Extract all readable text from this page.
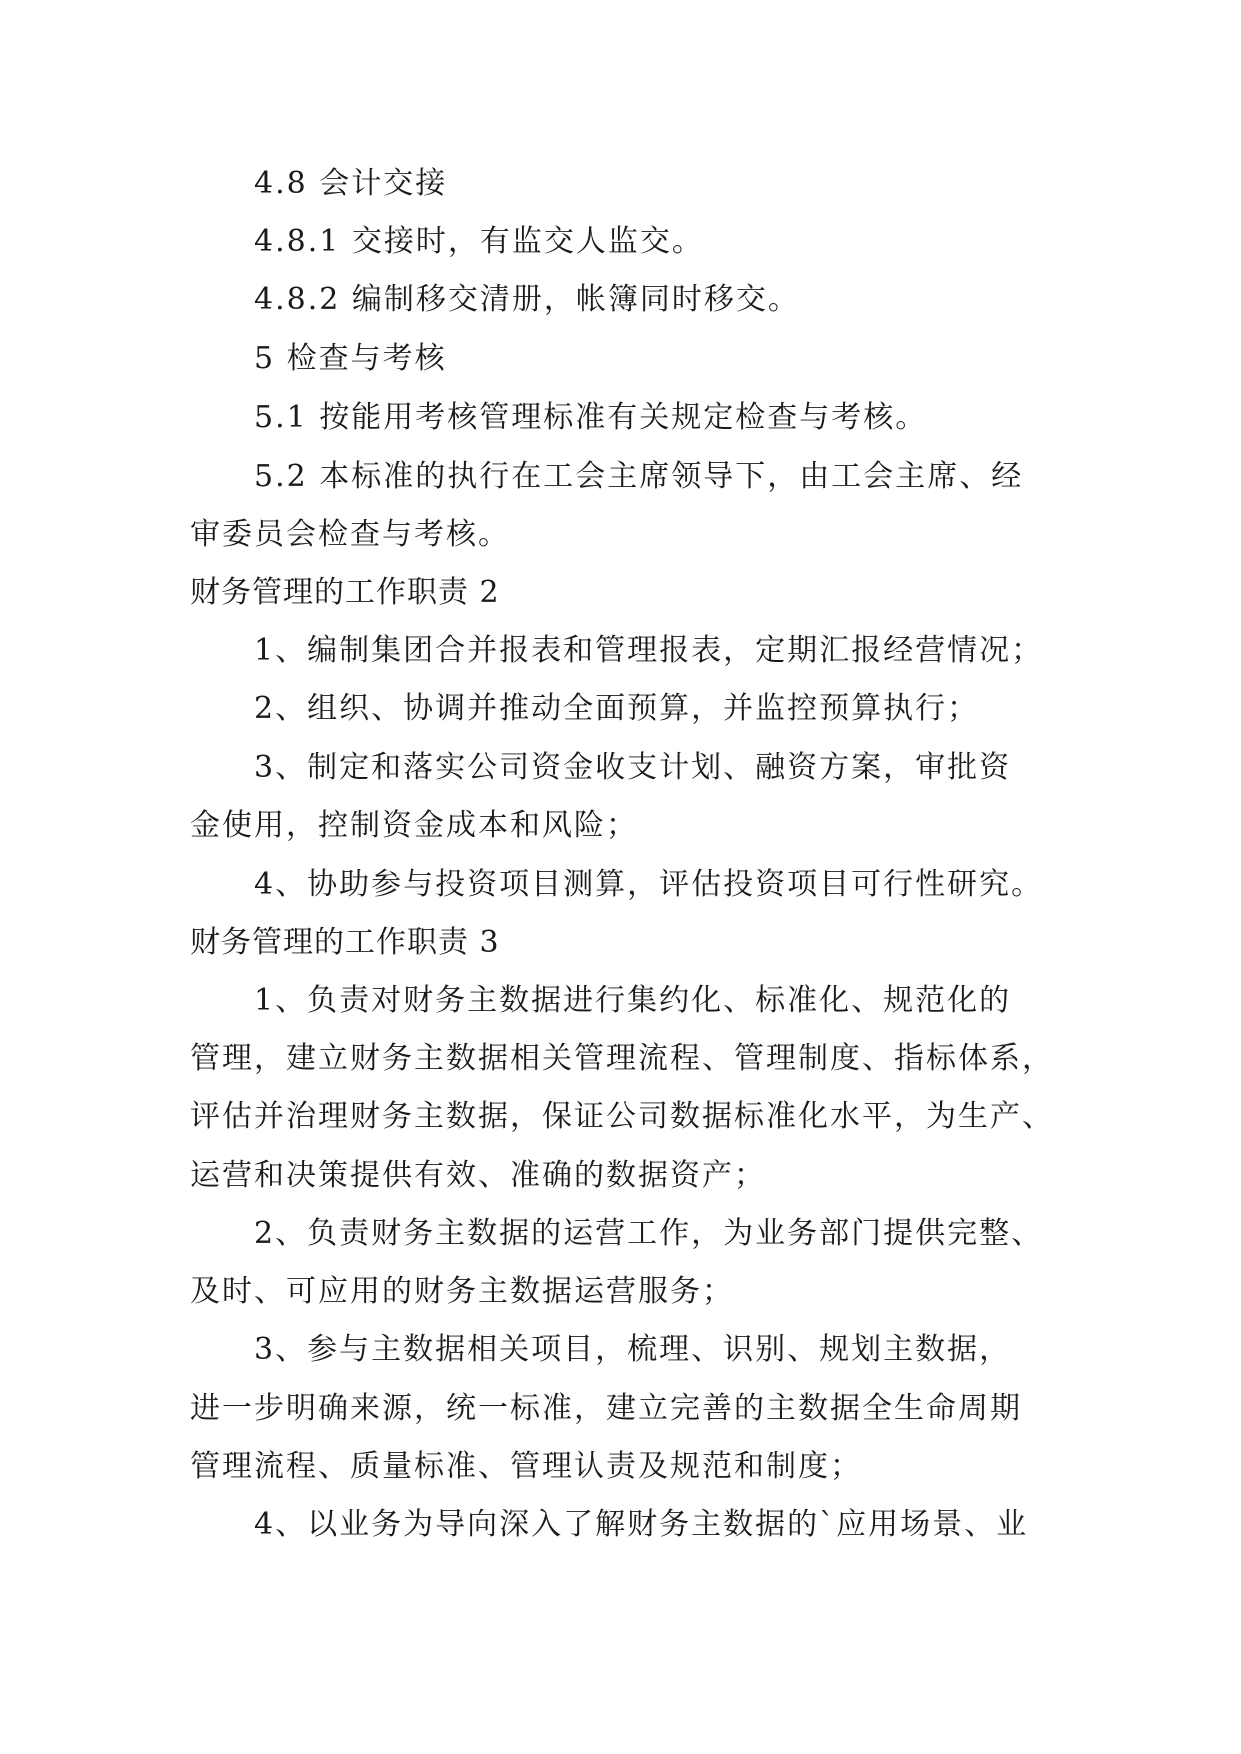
4.8 会计交接

4.8.1 交接时，有监交人监交。

4.8.2 编制移交清册，帐簿同时移交。

5 检查与考核

5.1 按能用考核管理标准有关规定检查与考核。

5.2 本标准的执行在工会主席领导下，由工会主席、经

审委员会检查与考核。

财务管理的工作职责 2

1、编制集团合并报表和管理报表，定期汇报经营情况；

2、组织、协调并推动全面预算，并监控预算执行；

3、制定和落实公司资金收支计划、融资方案，审批资

金使用，控制资金成本和风险；

4、协助参与投资项目测算，评估投资项目可行性研究。

财务管理的工作职责 3

1、负责对财务主数据进行集约化、标准化、规范化的

管理，建立财务主数据相关管理流程、管理制度、指标体系，

评估并治理财务主数据，保证公司数据标准化水平，为生产、

运营和决策提供有效、准确的数据资产；

2、负责财务主数据的运营工作，为业务部门提供完整、

及时、可应用的财务主数据运营服务；

3、参与主数据相关项目，梳理、识别、规划主数据，

进一步明确来源，统一标准，建立完善的主数据全生命周期

管理流程、质量标准、管理认责及规范和制度；

4、以业务为导向深入了解财务主数据的`应用场景、业
